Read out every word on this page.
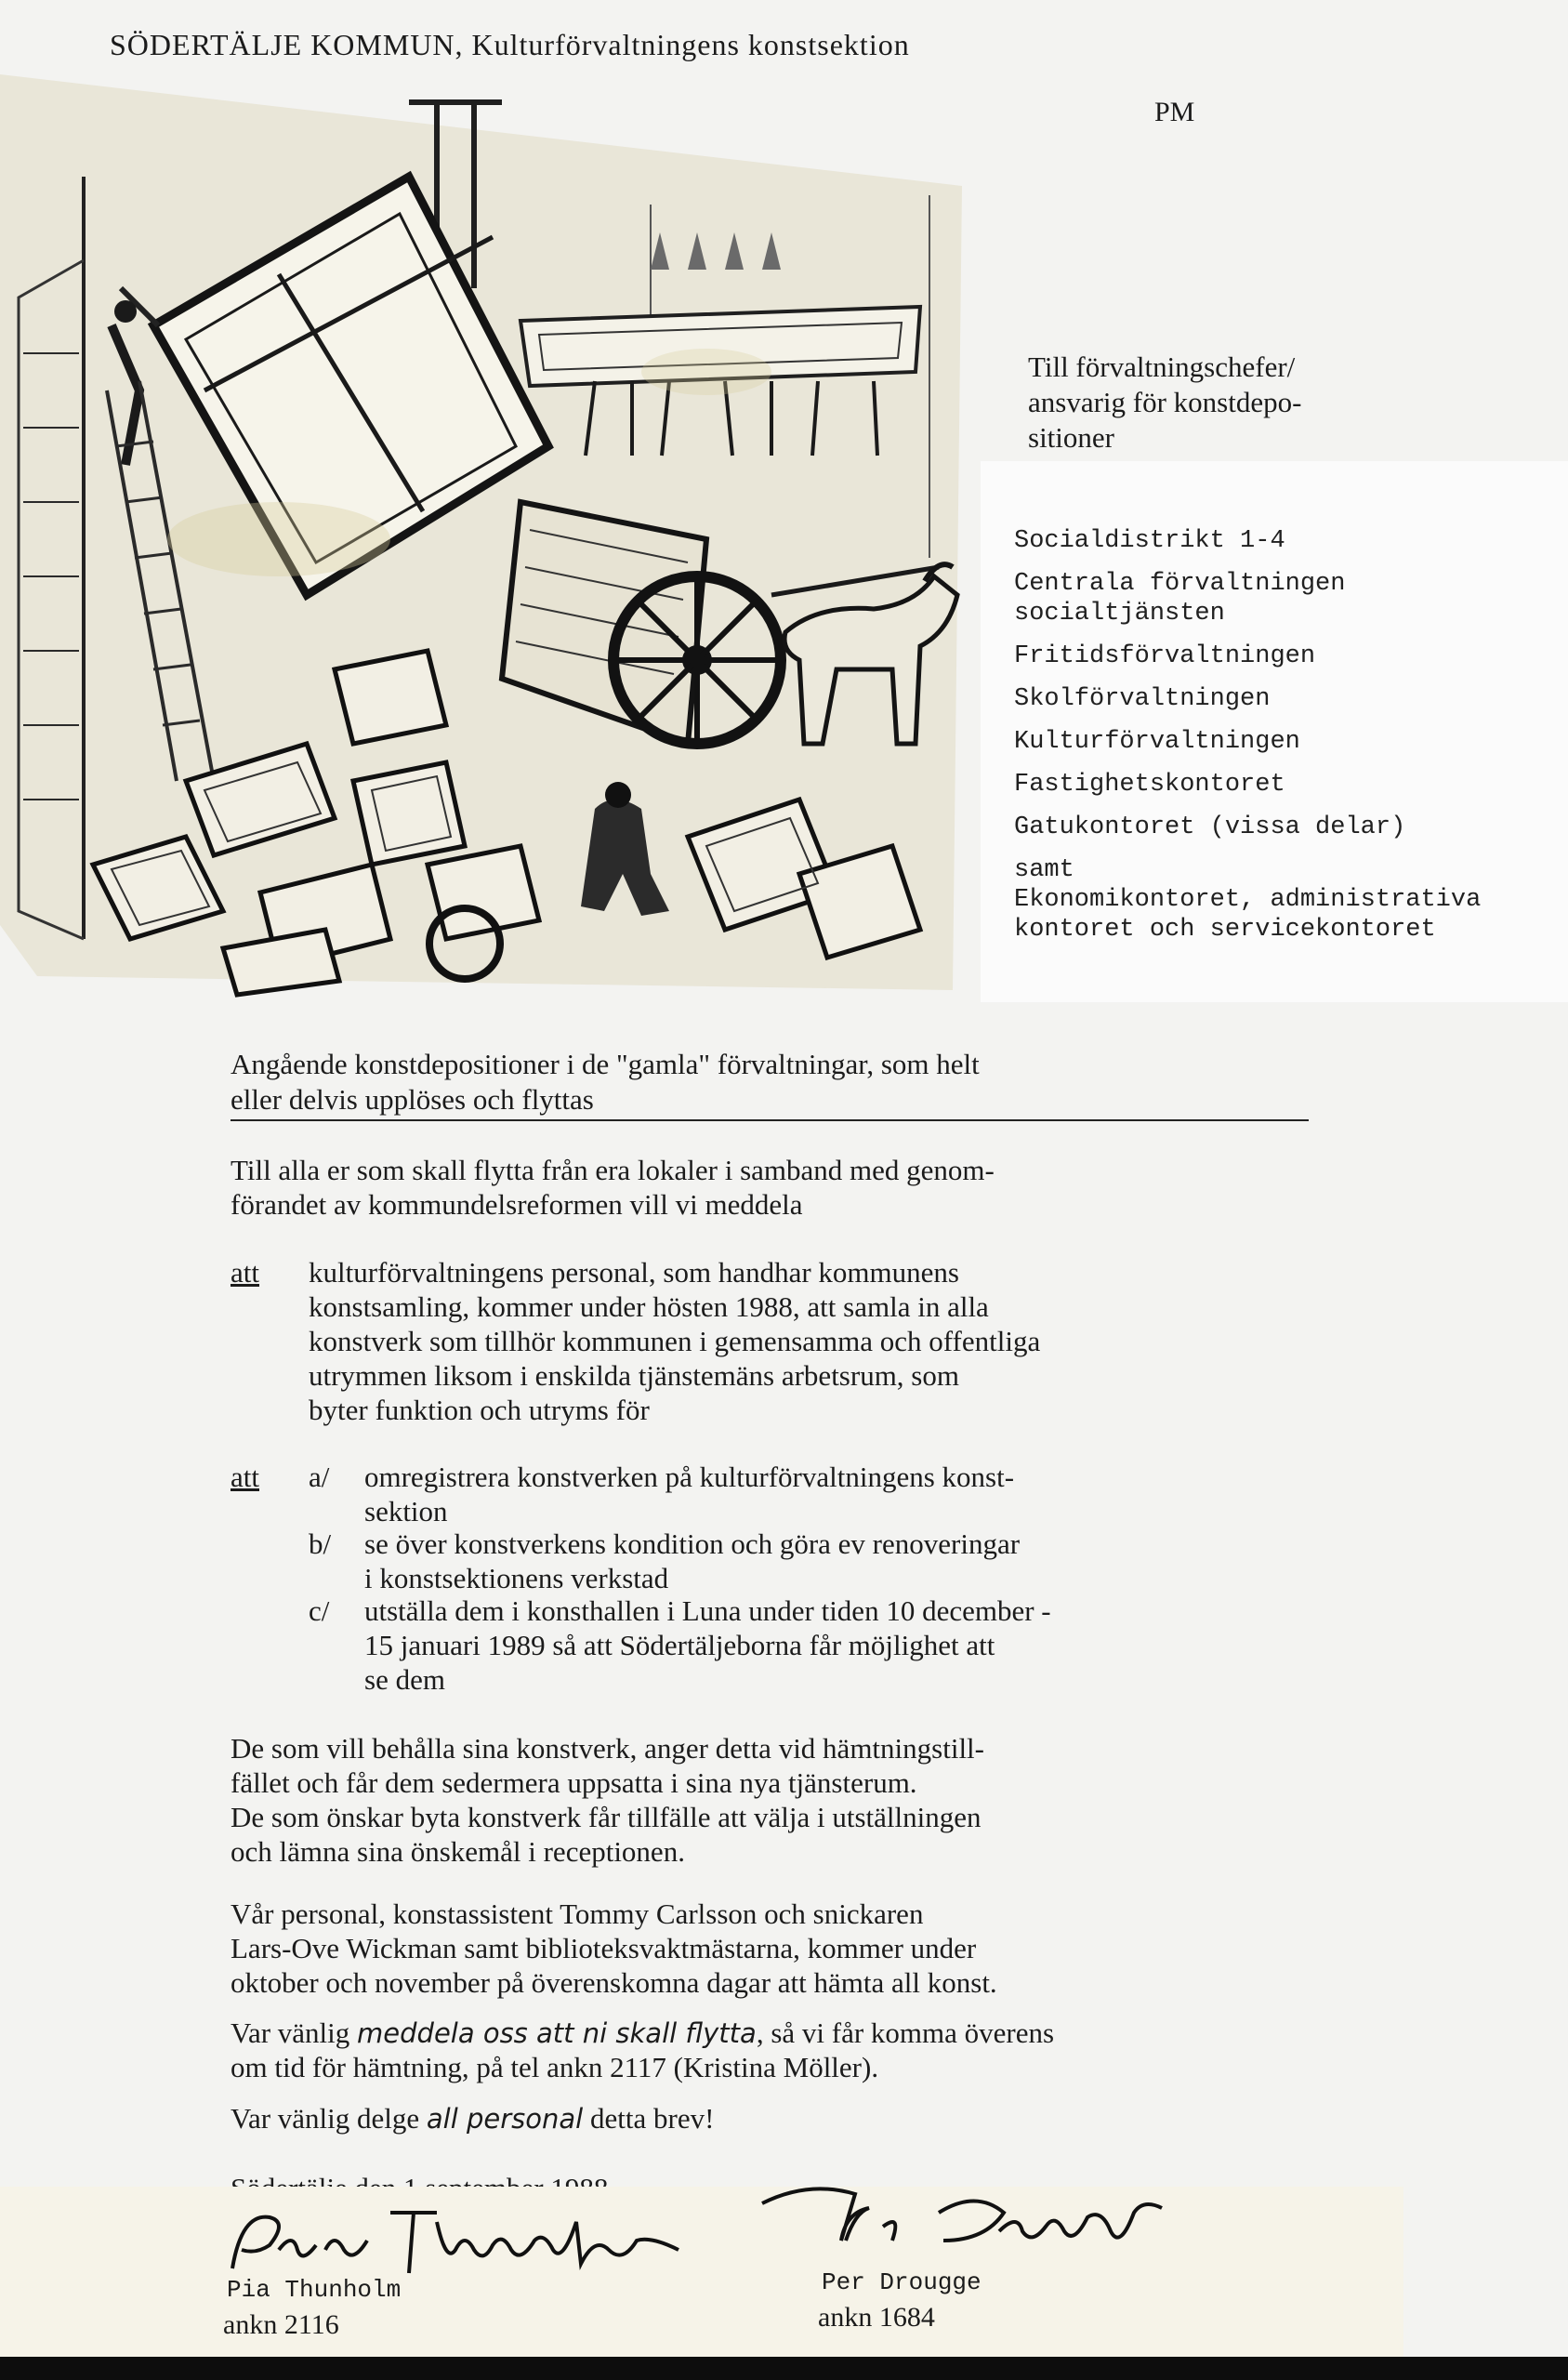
SÖDERTÄLJE KOMMUN, Kulturförvaltningens konstsektion
PM
Till förvaltningschefer/
ansvarig för konstdepo-
sitioner
Socialdistrikt 1-4
Centrala förvaltningen
socialtjänsten
Fritidsförvaltningen
Skolförvaltningen
Kulturförvaltningen
Fastighetskontoret
Gatukontoret (vissa delar)
samt
Ekonomikontoret, administrativa
kontoret och servicekontoret
Angående konstdepositioner i de "gamla" förvaltningar, som helt
eller delvis upplöses och flyttas
Till alla er som skall flytta från era lokaler i samband med genom-
förandet av kommundelsreformen vill vi meddela
att kulturförvaltningens personal, som handhar kommunens
konstsamling, kommer under hösten 1988, att samla in alla
konstverk som tillhör kommunen i gemensamma och offentliga
utrymmen liksom i enskilda tjänstemäns arbetsrum, som
byter funktion och utryms för
att a/ omregistrera konstverken på kulturförvaltningens konst-
sektion
b/ se över konstverkens kondition och göra ev renoveringar
i konstsektionens verkstad
c/ utställa dem i konsthallen i Luna under tiden 10 december -
15 januari 1989 så att Södertäljeborna får möjlighet att
se dem
De som vill behålla sina konstverk, anger detta vid hämtningstill-
fället och får dem sedermera uppsatta i sina nya tjänsterum.
De som önskar byta konstverk får tillfälle att välja i utställningen
och lämna sina önskemål i receptionen.
Vår personal, konstassistent Tommy Carlsson och snickaren
Lars-Ove Wickman samt biblioteksvaktmästarna, kommer under
oktober och november på överenskomna dagar att hämta all konst.
Var vänlig meddela oss att ni skall flytta, så vi får komma överens
om tid för hämtning, på tel ankn 2117 (Kristina Möller).
Var vänlig delge all personal detta brev!
Pia Thunholm
ankn 2116
Per Drougge
ankn 1684
